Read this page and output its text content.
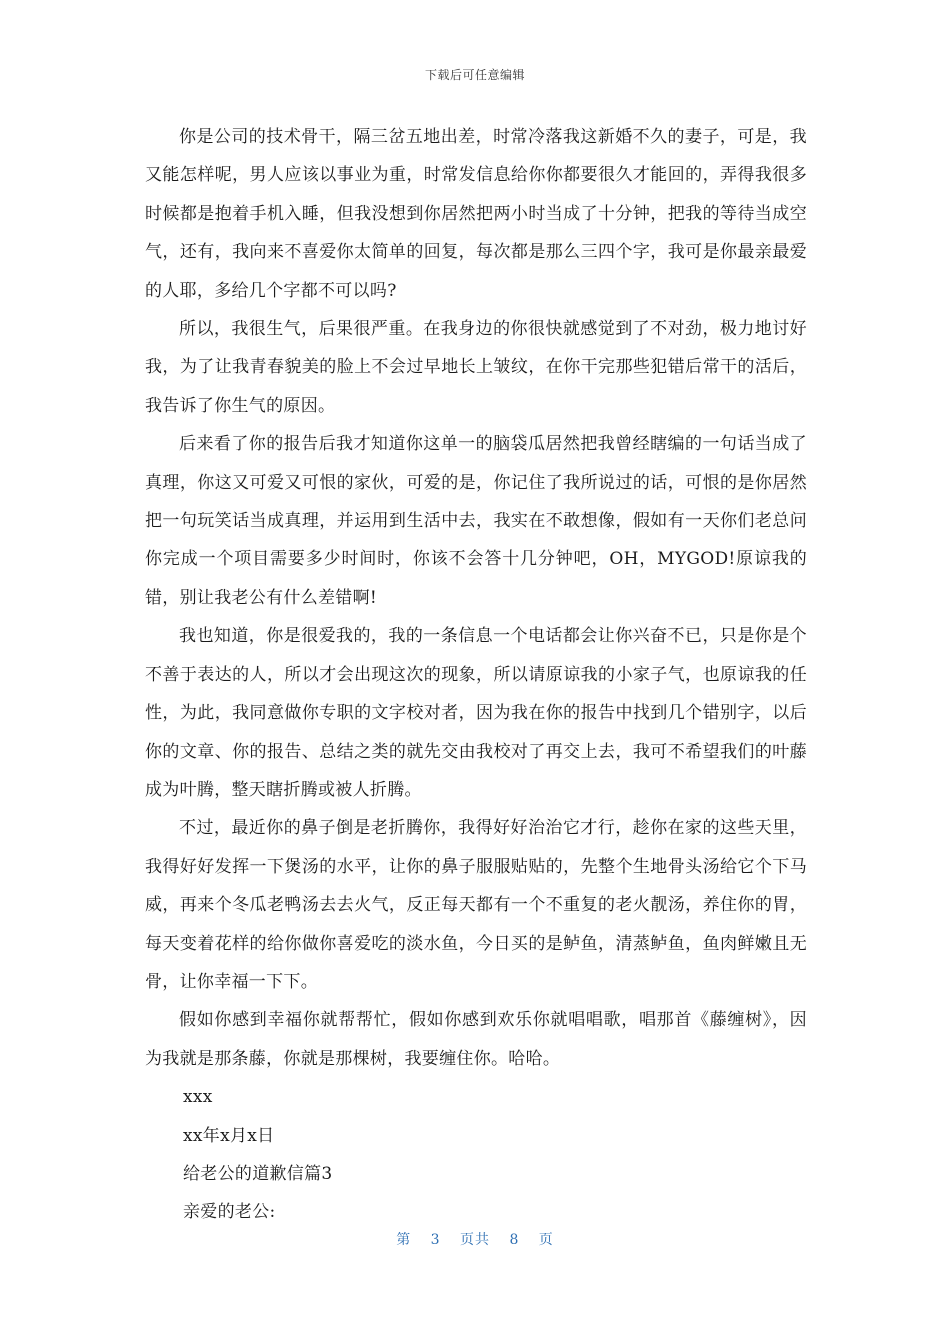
下载后可任意编辑

你是公司的技术骨干，隔三岔五地出差，时常冷落我这新婚不久的妻子，可是，我又能怎样呢，男人应该以事业为重，时常发信息给你你都要很久才能回的，弄得我很多时候都是抱着手机入睡，但我没想到你居然把两小时当成了十分钟，把我的等待当成空气，还有，我向来不喜爱你太简单的回复，每次都是那么三四个字，我可是你最亲最爱的人耶，多给几个字都不可以吗?

所以，我很生气，后果很严重。在我身边的你很快就感觉到了不对劲，极力地讨好我，为了让我青春貌美的脸上不会过早地长上皱纹，在你干完那些犯错后常干的活后，我告诉了你生气的原因。

后来看了你的报告后我才知道你这单一的脑袋瓜居然把我曾经瞎编的一句话当成了真理，你这又可爱又可恨的家伙，可爱的是，你记住了我所说过的话，可恨的是你居然把一句玩笑话当成真理，并运用到生活中去，我实在不敢想像，假如有一天你们老总问你完成一个项目需要多少时间时，你该不会答十几分钟吧，OH，MYGOD!原谅我的错，别让我老公有什么差错啊!

我也知道，你是很爱我的，我的一条信息一个电话都会让你兴奋不已，只是你是个不善于表达的人，所以才会出现这次的现象，所以请原谅我的小家子气，也原谅我的任性，为此，我同意做你专职的文字校对者，因为我在你的报告中找到几个错别字，以后你的文章、你的报告、总结之类的就先交由我校对了再交上去，我可不希望我们的叶藤成为叶腾，整天瞎折腾或被人折腾。

不过，最近你的鼻子倒是老折腾你，我得好好治治它才行，趁你在家的这些天里，我得好好发挥一下煲汤的水平，让你的鼻子服服贴贴的，先整个生地骨头汤给它个下马威，再来个冬瓜老鸭汤去去火气，反正每天都有一个不重复的老火靓汤，养住你的胃，每天变着花样的给你做你喜爱吃的淡水鱼，今日买的是鲈鱼，清蒸鲈鱼，鱼肉鲜嫩且无骨，让你幸福一下下。

假如你感到幸福你就帮帮忙，假如你感到欢乐你就唱唱歌，唱那首《藤缠树》，因为我就是那条藤，你就是那棵树，我要缠住你。哈哈。

xxx

xx年x月x日

给老公的道歉信篇3

亲爱的老公:

第 3 页共 8 页
